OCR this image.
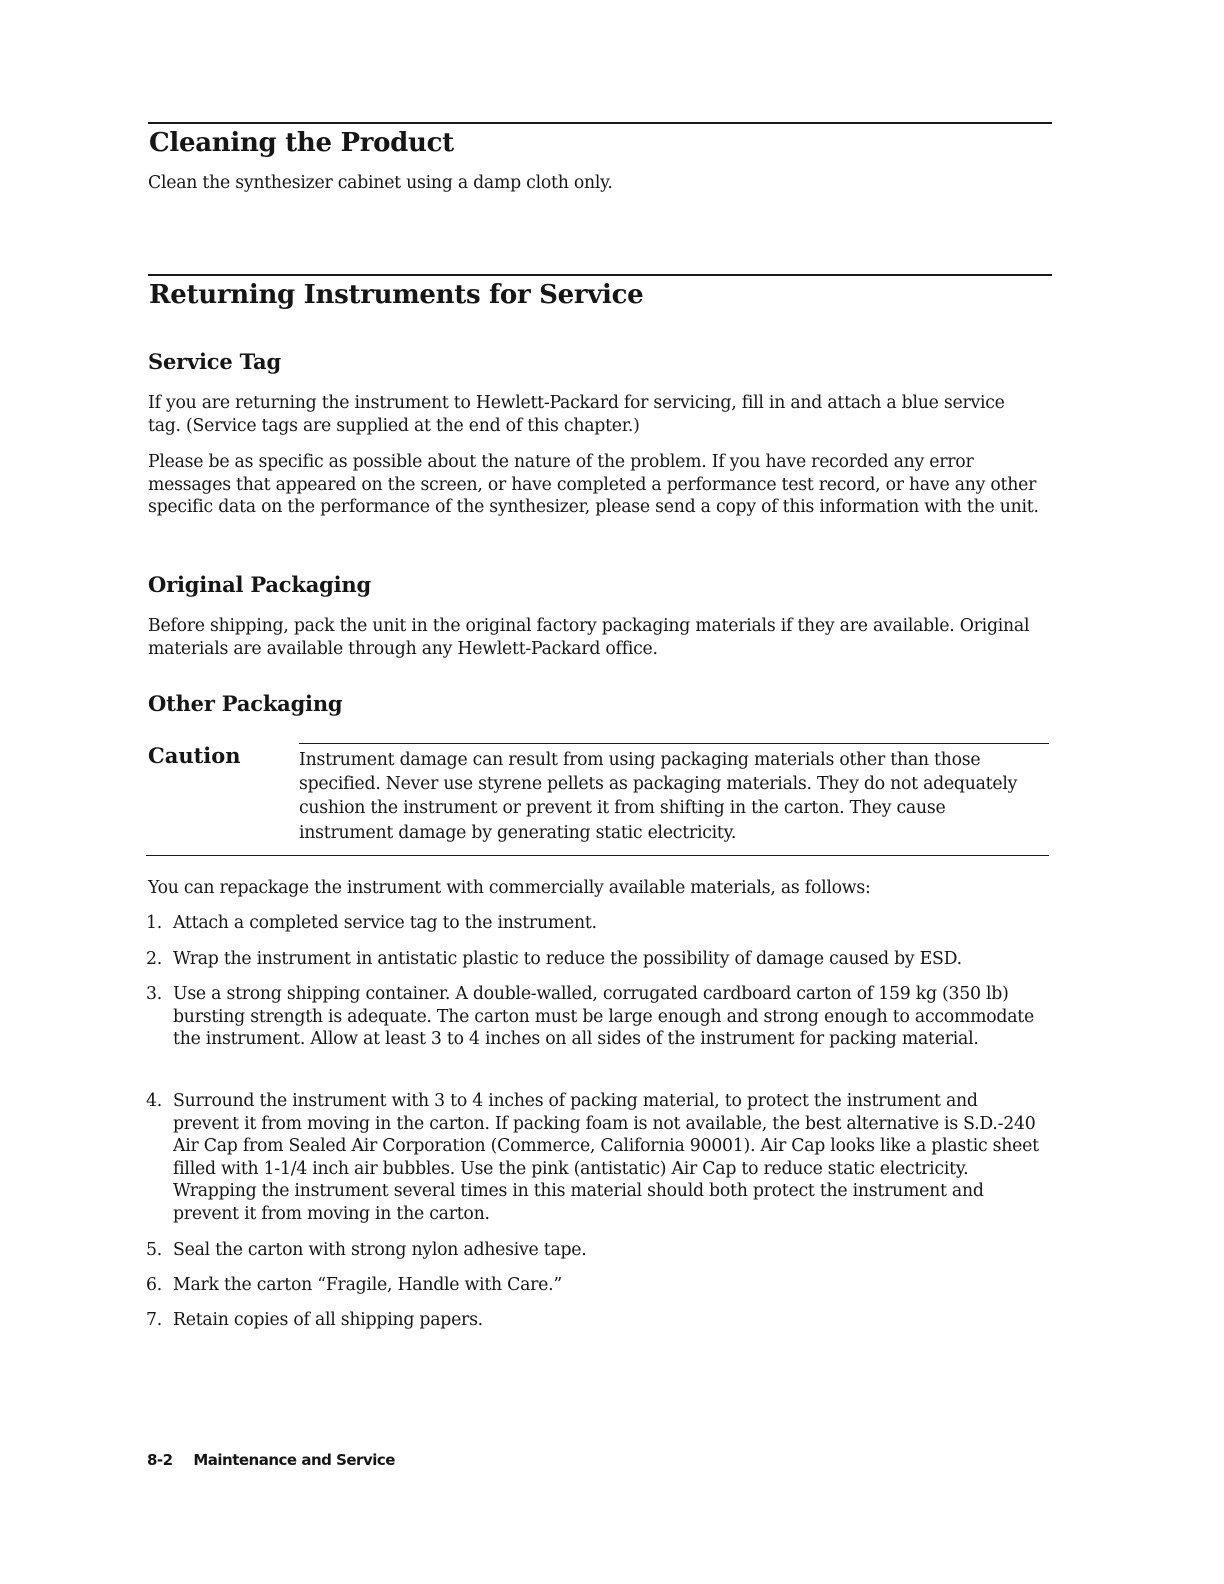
Cleaning the Product

Clean the synthesizer cabinet using a damp cloth only.

Returning Instruments for Service
Service Tag

If you are returning the instrument to Hewlett-Packard for servicing, fill in and attach a blue service tag. (Service tags are supplied at the end of this chapter.)

Please be as specific as possible about the nature of the problem. If you have recorded any error messages that appeared on the screen, or have completed a performance test record, or have any other specific data on the performance of the synthesizer, please send a copy of this information with the unit.

Original Packaging

Before shipping, pack the unit in the original factory packaging materials if they are available. Original materials are available through any Hewlett-Packard office.

Other Packaging
Caution	Instrument damage can result from using packaging materials other than those specified. Never use styrene pellets as packaging materials. They do not adequately cushion the instrument or prevent it from shifting in the carton. They cause instrument damage by generating static electricity.

You can repackage the instrument with commercially available materials, as follows:

1. Attach a completed service tag to the instrument.

2. Wrap the instrument in antistatic plastic to reduce the possibility of damage caused by ESD.

3. Use a strong shipping container. A double-walled, corrugated cardboard carton of 159 kg (350 lb) bursting strength is adequate. The carton must be large enough and strong enough to accommodate the instrument. Allow at least 3 to 4 inches on all sides of the instrument for packing material.

4. Surround the instrument with 3 to 4 inches of packing material, to protect the instrument and prevent it from moving in the carton. If packing foam is not available, the best alternative is S.D.-240 Air Cap from Sealed Air Corporation (Commerce, California 90001). Air Cap looks like a plastic sheet filled with 1-1/4 inch air bubbles. Use the pink (antistatic) Air Cap to reduce static electricity. Wrapping the instrument several times in this material should both protect the instrument and prevent it from moving in the carton.

5. Seal the carton with strong nylon adhesive tape.

6. Mark the carton “Fragile, Handle with Care.”

7. Retain copies of all shipping papers.

8-2 Maintenance and Service
